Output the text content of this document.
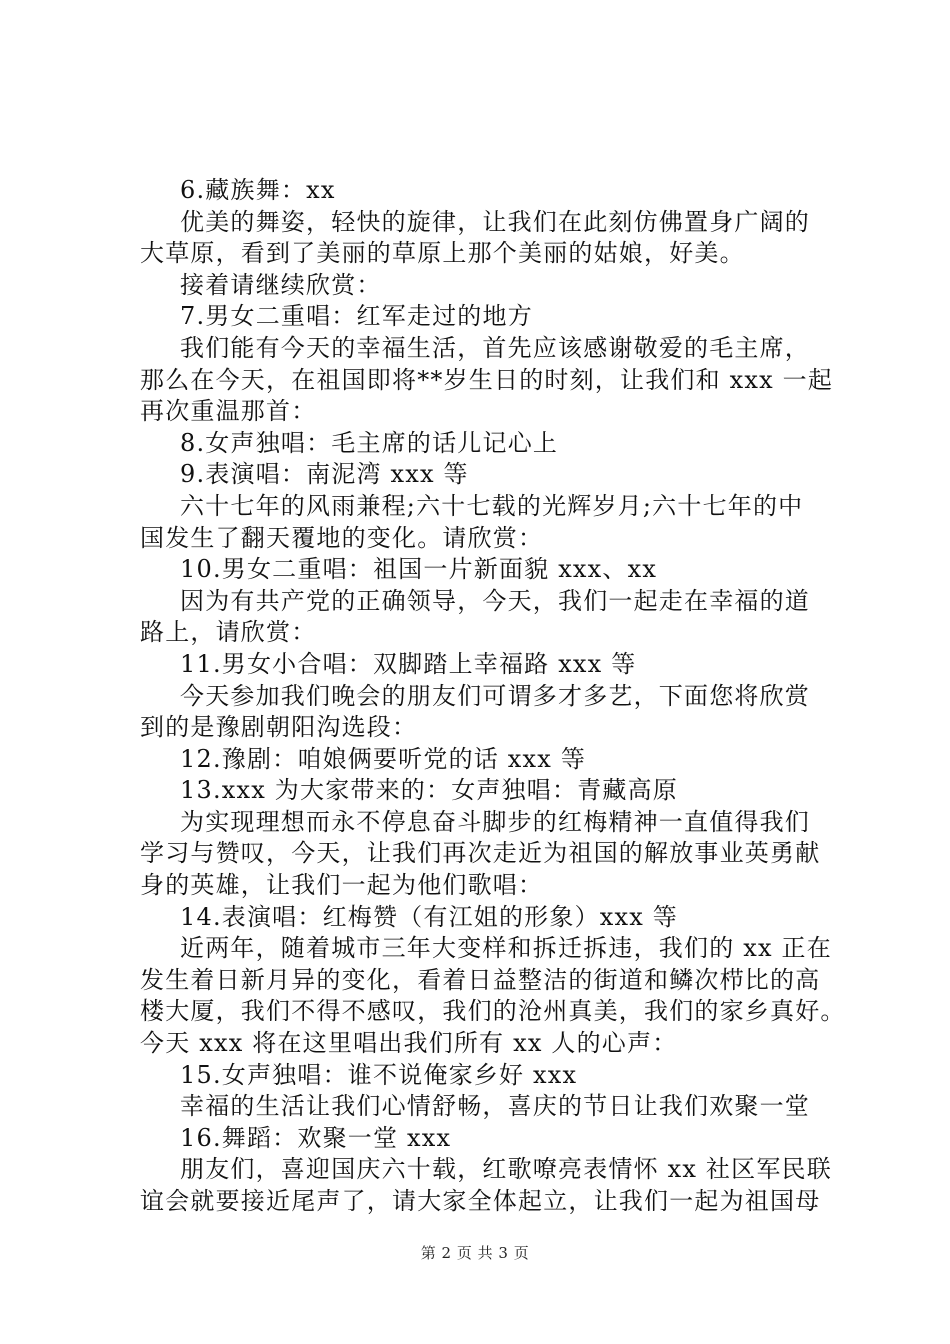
6.藏族舞：xx
优美的舞姿，轻快的旋律，让我们在此刻仿佛置身广阔的
大草原，看到了美丽的草原上那个美丽的姑娘，好美。
接着请继续欣赏：
7.男女二重唱：红军走过的地方
我们能有今天的幸福生活，首先应该感谢敬爱的毛主席，
那么在今天，在祖国即将**岁生日的时刻，让我们和 xxx 一起
再次重温那首：
8.女声独唱：毛主席的话儿记心上
9.表演唱：南泥湾 xxx 等
六十七年的风雨兼程;六十七载的光辉岁月;六十七年的中
国发生了翻天覆地的变化。请欣赏：
10.男女二重唱：祖国一片新面貌 xxx、xx
因为有共产党的正确领导，今天，我们一起走在幸福的道
路上，请欣赏：
11.男女小合唱：双脚踏上幸福路 xxx 等
今天参加我们晚会的朋友们可谓多才多艺，下面您将欣赏
到的是豫剧朝阳沟选段：
12.豫剧：咱娘俩要听党的话 xxx 等
13.xxx 为大家带来的：女声独唱：青藏高原
为实现理想而永不停息奋斗脚步的红梅精神一直值得我们
学习与赞叹，今天，让我们再次走近为祖国的解放事业英勇献
身的英雄，让我们一起为他们歌唱：
14.表演唱：红梅赞（有江姐的形象）xxx 等
近两年，随着城市三年大变样和拆迁拆违，我们的 xx 正在
发生着日新月异的变化，看着日益整洁的街道和鳞次栉比的高
楼大厦，我们不得不感叹，我们的沧州真美，我们的家乡真好。
今天 xxx 将在这里唱出我们所有 xx 人的心声：
15.女声独唱：谁不说俺家乡好 xxx
幸福的生活让我们心情舒畅，喜庆的节日让我们欢聚一堂
16.舞蹈：欢聚一堂 xxx
朋友们，喜迎国庆六十载，红歌嘹亮表情怀 xx 社区军民联
谊会就要接近尾声了，请大家全体起立，让我们一起为祖国母
第 2 页 共 3 页
